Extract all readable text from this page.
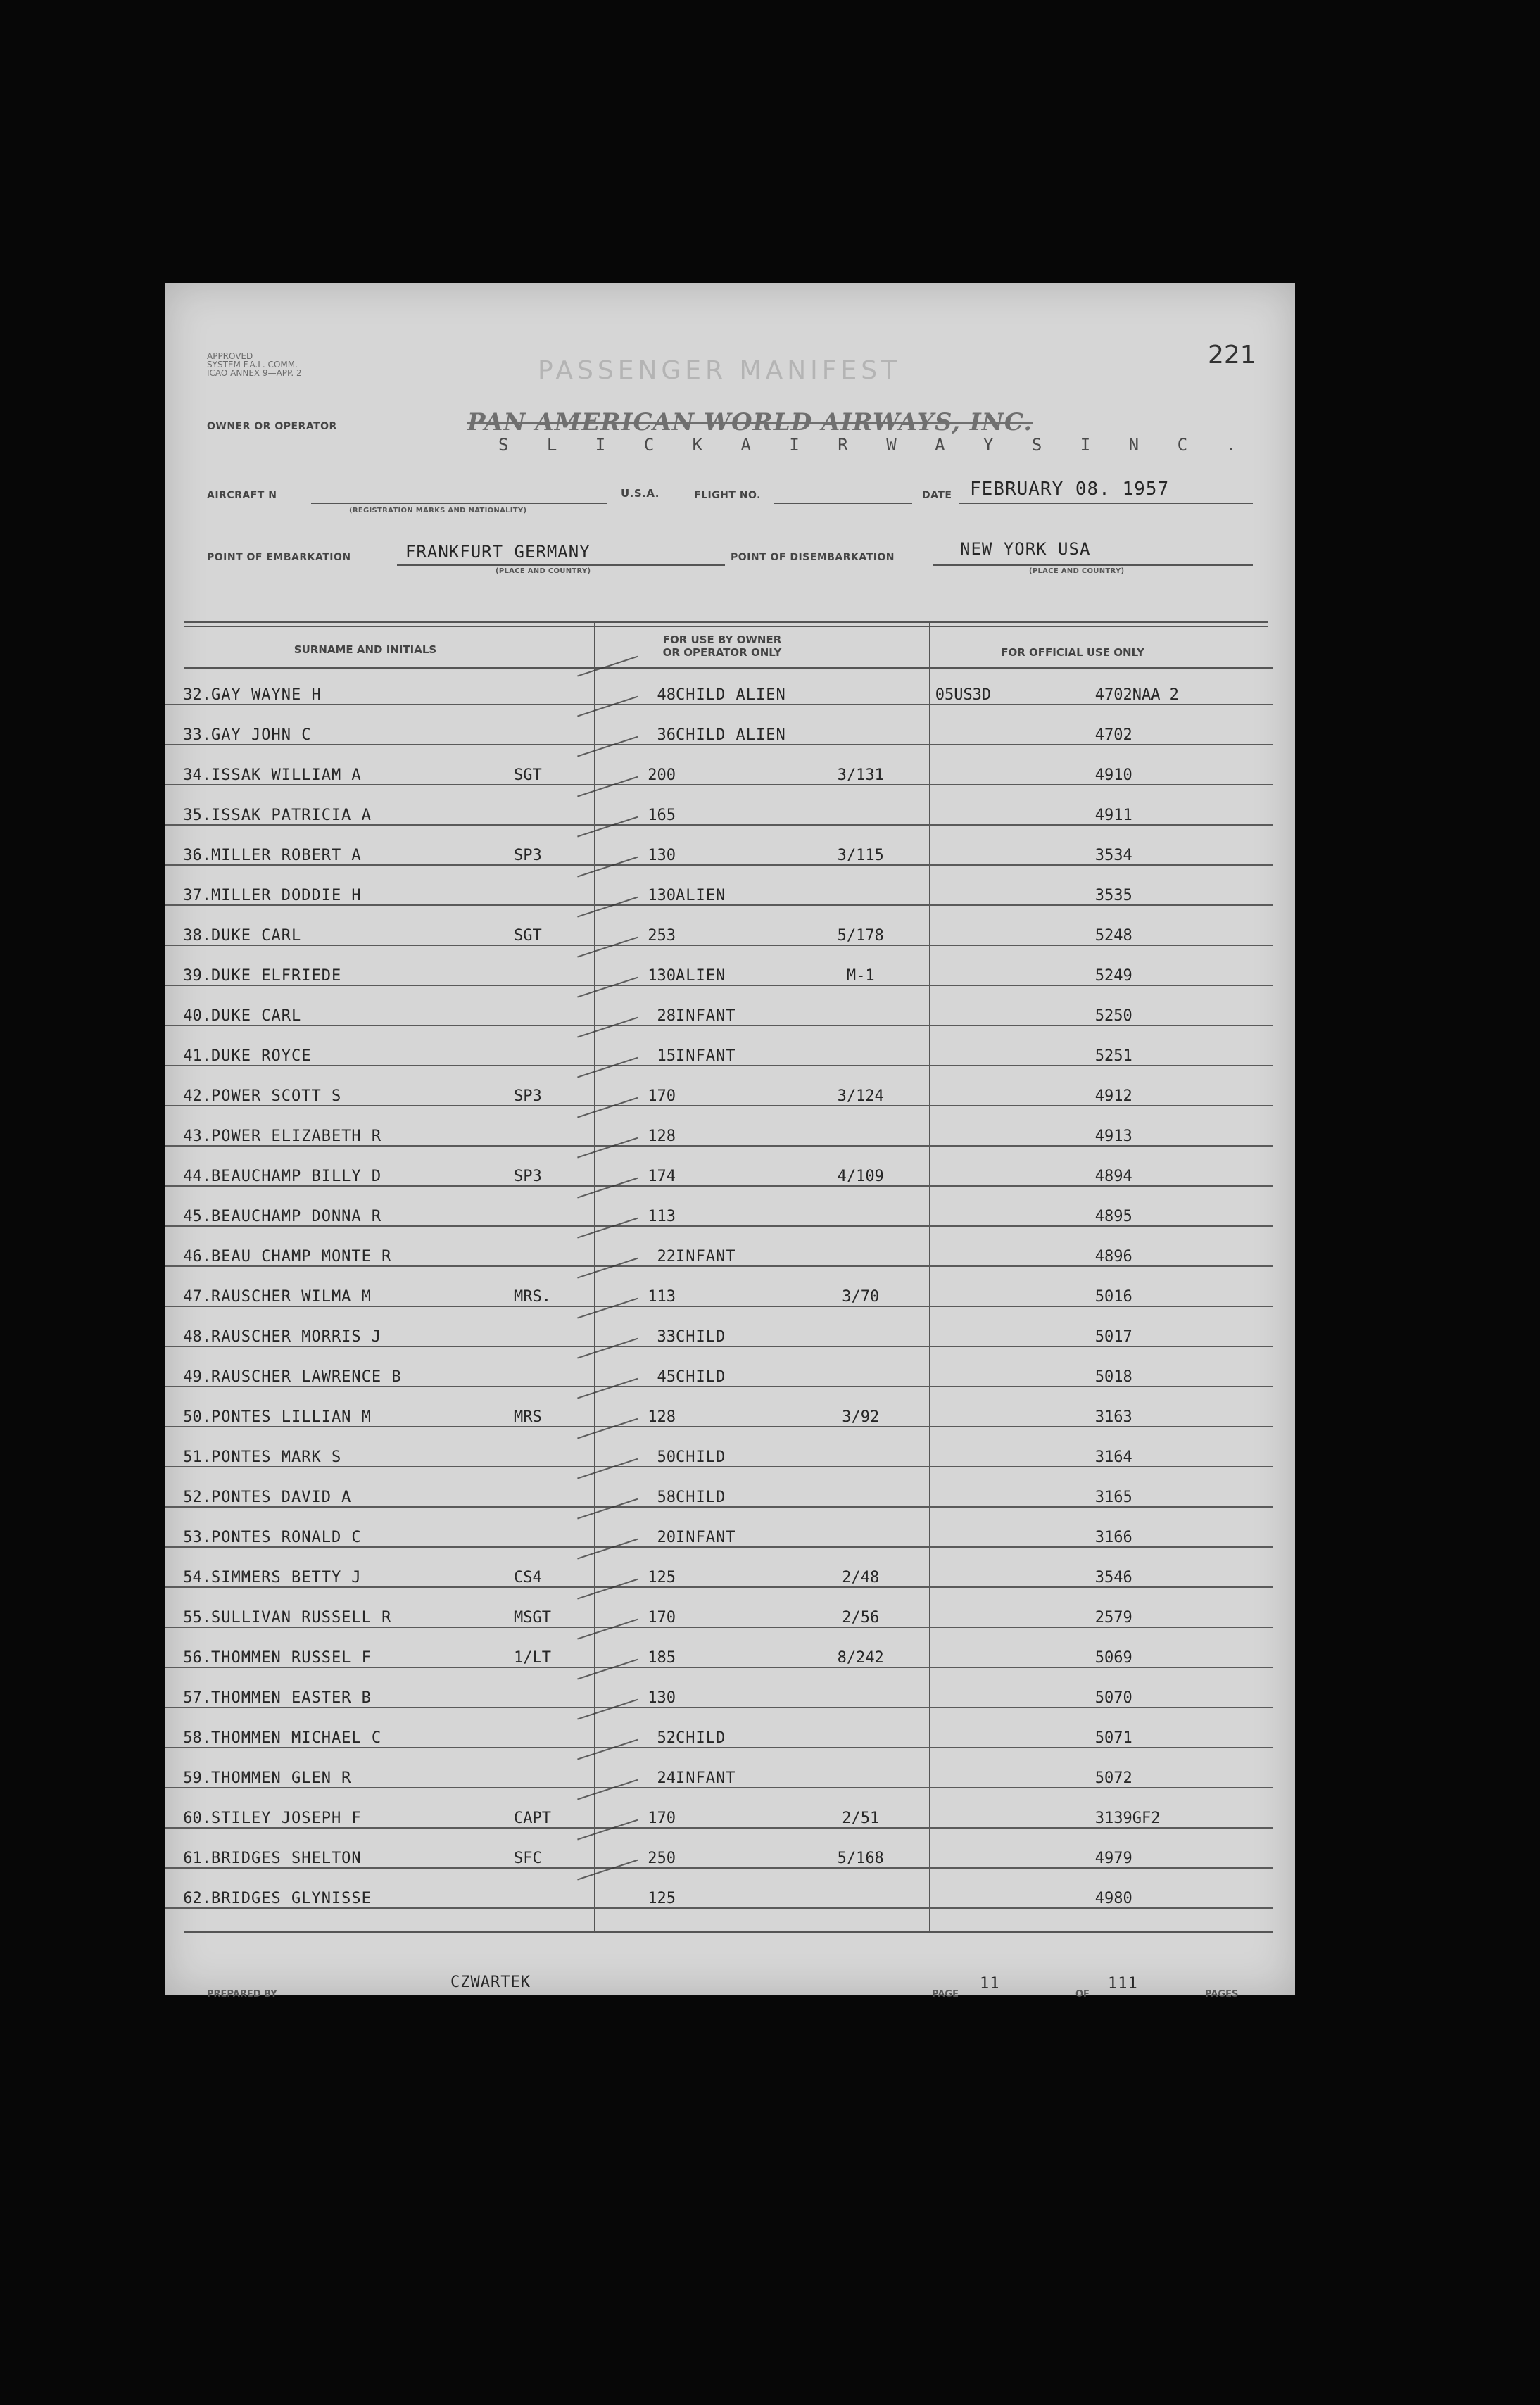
APPROVED
SYSTEM F.A.L. COMM.
ICAO ANNEX 9—APP. 2	PASSENGER MANIFEST
221
OWNER OR OPERATOR	PAN AMERICAN WORLD AIRWAYS, INC.
S L I C K A I R W A Y S I N C .
AIRCRAFT N
(REGISTRATION MARKS AND NATIONALITY)
U.S.A.	FLIGHT NO.	DATE FEBRUARY 08. 1957
POINT OF EMBARKATION	FRANKFURT GERMANY
(PLACE AND COUNTRY)
POINT OF DISEMBARKATION	NEW YORK USA
(PLACE AND COUNTRY)
SURNAME AND INITIALS
FOR USE BY OWNER
OR OPERATOR ONLY	FOR OFFICIAL USE ONLY
32.	GAY WAYNE H		48	CHILD ALIEN		05US3D	4702	NAA 2
33.	GAY JOHN C		36	CHILD ALIEN			4702	
34.	ISSAK WILLIAM A	SGT	200		3/131		4910	
35.	ISSAK PATRICIA A		165				4911	
36.	MILLER ROBERT A	SP3	130		3/115		3534	
37.	MILLER DODDIE H		130	ALIEN			3535	
38.	DUKE CARL	SGT	253		5/178		5248	
39.	DUKE ELFRIEDE		130	ALIEN	M-1		5249	
40.	DUKE CARL		28	INFANT			5250	
41.	DUKE ROYCE		15	INFANT			5251	
42.	POWER SCOTT S	SP3	170		3/124		4912	
43.	POWER ELIZABETH R		128				4913	
44.	BEAUCHAMP BILLY D	SP3	174		4/109		4894	
45.	BEAUCHAMP DONNA R		113				4895	
46.	BEAU CHAMP MONTE R		22	INFANT			4896	
47.	RAUSCHER WILMA M	MRS.	113		3/70		5016	
48.	RAUSCHER MORRIS J		33	CHILD			5017	
49.	RAUSCHER LAWRENCE B		45	CHILD			5018	
50.	PONTES LILLIAN M	MRS	128		3/92		3163	
51.	PONTES MARK S		50	CHILD			3164	
52.	PONTES DAVID A		58	CHILD			3165	
53.	PONTES RONALD C		20	INFANT			3166	
54.	SIMMERS BETTY J	CS4	125		2/48		3546	
55.	SULLIVAN RUSSELL R	MSGT	170		2/56		2579	
56.	THOMMEN RUSSEL F	1/LT	185		8/242		5069	
57.	THOMMEN EASTER B		130				5070	
58.	THOMMEN MICHAEL C		52	CHILD			5071	
59.	THOMMEN GLEN R		24	INFANT			5072	
60.	STILEY JOSEPH F	CAPT	170		2/51		3139	GF2
61.	BRIDGES SHELTON	SFC	250		5/168		4979	
62.	BRIDGES GLYNISSE		125				4980	
PREPARED BY
CZWARTEK
PAGE
11
OF
111
PAGES
